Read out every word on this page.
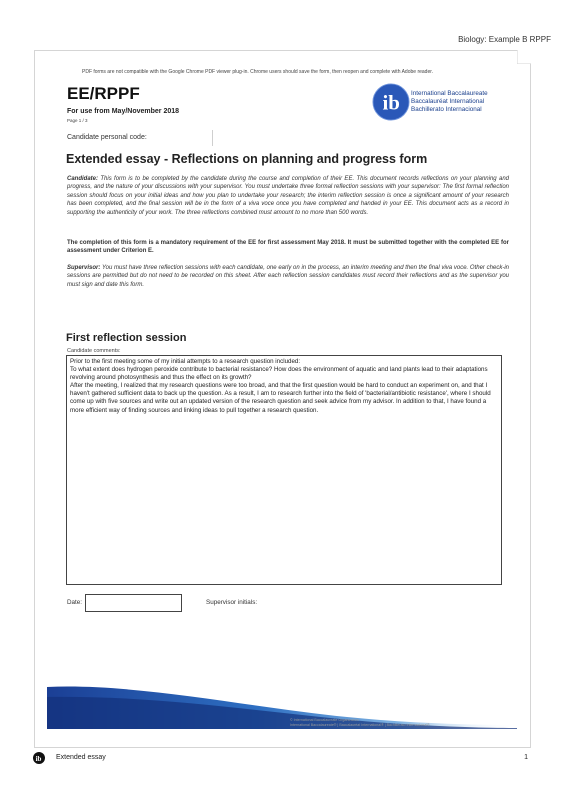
Biology: Example B RPPF
PDF forms are not compatible with the Google Chrome PDF viewer plug-in. Chrome users should save the form, then reopen and complete with Adobe reader.
EE/RPPF
For use from May/November 2018
Page 1 / 3
ib International Baccalaureate
Baccalauréat International
Bachillerato Internacional
Candidate personal code:
Extended essay - Reflections on planning and progress form
Candidate: This form is to be completed by the candidate during the course and completion of their EE. This document records reflections on your planning and progress, and the nature of your discussions with your supervisor. You must undertake three formal reflection sessions with your supervisor: The first formal reflection session should focus on your initial ideas and how you plan to undertake your research; the interim reflection session is once a significant amount of your research has been completed, and the final session will be in the form of a viva voce once you have completed and handed in your EE. This document acts as a record in supporting the authenticity of your work. The three reflections combined must amount to no more than 500 words.
The completion of this form is a mandatory requirement of the EE for first assessment May 2018. It must be submitted together with the completed EE for assessment under Criterion E.
Supervisor: You must have three reflection sessions with each candidate, one early on in the process, an interim meeting and then the final viva voce. Other check-in sessions are permitted but do not need to be recorded on this sheet. After each reflection session candidates must record their reflections and as the supervisor you must sign and date this form.
First reflection session
Candidate comments:
Prior to the first meeting some of my initial attempts to a research question included:
To what extent does hydrogen peroxide contribute to bacterial resistance? How does the environment of aquatic and land plants lead to their adaptations revolving around photosynthesis and thus the effect on its growth?
After the meeting, I realized that my research questions were too broad, and that the first question would be hard to conduct an experiment on, and that I haven't gathered sufficient data to back up the question. As a result, I am to research further into the field of 'bacterial/antibiotic resistance', where I should come up with five sources and write out an updated version of the research question and seek advice from my advisor. In addition to that, I have found a more efficient way of finding sources and linking ideas to pull together a research question.
Date:	Supervisor initials:
© International Baccalaureate Organization
International Baccalaureate® | Baccalauréat International® | Bachillerato Internacional®
ib Extended essay	1
